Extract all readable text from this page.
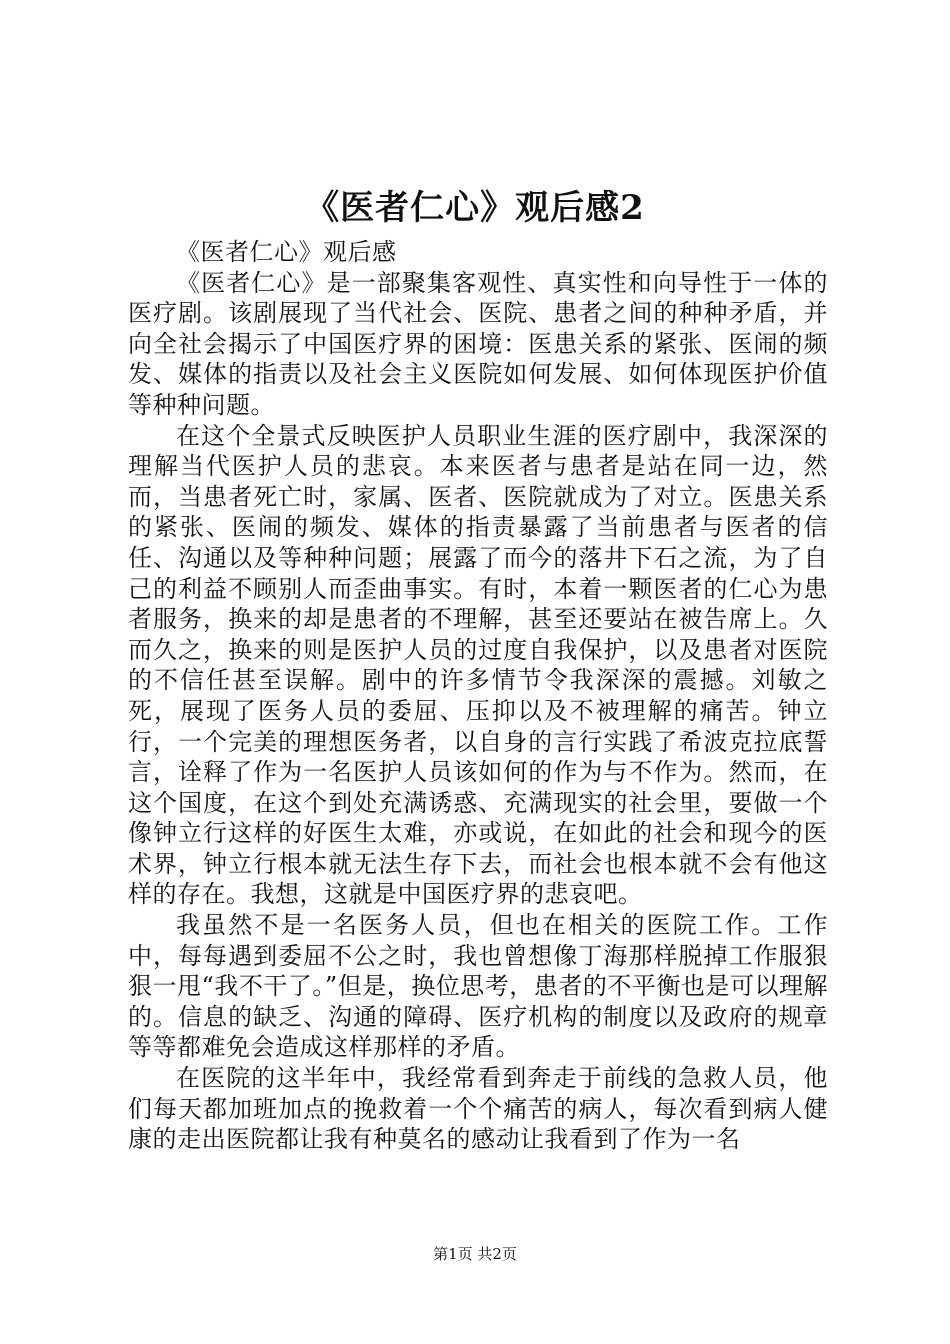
《医者仁心》观后感2

《医者仁心》观后感

《医者仁心》是一部聚集客观性、真实性和向导性于一体的医疗剧。该剧展现了当代社会、医院、患者之间的种种矛盾，并向全社会揭示了中国医疗界的困境：医患关系的紧张、医闹的频发、媒体的指责以及社会主义医院如何发展、如何体现医护价值等种种问题。

在这个全景式反映医护人员职业生涯的医疗剧中，我深深的理解当代医护人员的悲哀。本来医者与患者是站在同一边，然而，当患者死亡时，家属、医者、医院就成为了对立。医患关系的紧张、医闹的频发、媒体的指责暴露了当前患者与医者的信任、沟通以及等种种问题；展露了而今的落井下石之流，为了自己的利益不顾别人而歪曲事实。有时，本着一颗医者的仁心为患者服务，换来的却是患者的不理解，甚至还要站在被告席上。久而久之，换来的则是医护人员的过度自我保护，以及患者对医院的不信任甚至误解。剧中的许多情节令我深深的震撼。刘敏之死，展现了医务人员的委屈、压抑以及不被理解的痛苦。钟立行，一个完美的理想医务者，以自身的言行实践了希波克拉底誓言，诠释了作为一名医护人员该如何的作为与不作为。然而，在这个国度，在这个到处充满诱惑、充满现实的社会里，要做一个像钟立行这样的好医生太难，亦或说，在如此的社会和现今的医术界，钟立行根本就无法生存下去，而社会也根本就不会有他这样的存在。我想，这就是中国医疗界的悲哀吧。

我虽然不是一名医务人员，但也在相关的医院工作。工作中，每每遇到委屈不公之时，我也曾想像丁海那样脱掉工作服狠狠一甩“我不干了。”但是，换位思考，患者的不平衡也是可以理解的。信息的缺乏、沟通的障碍、医疗机构的制度以及政府的规章等等都难免会造成这样那样的矛盾。

在医院的这半年中，我经常看到奔走于前线的急救人员，他们每天都加班加点的挽救着一个个痛苦的病人，每次看到病人健康的走出医院都让我有种莫名的感动让我看到了作为一名

第1页 共2页
